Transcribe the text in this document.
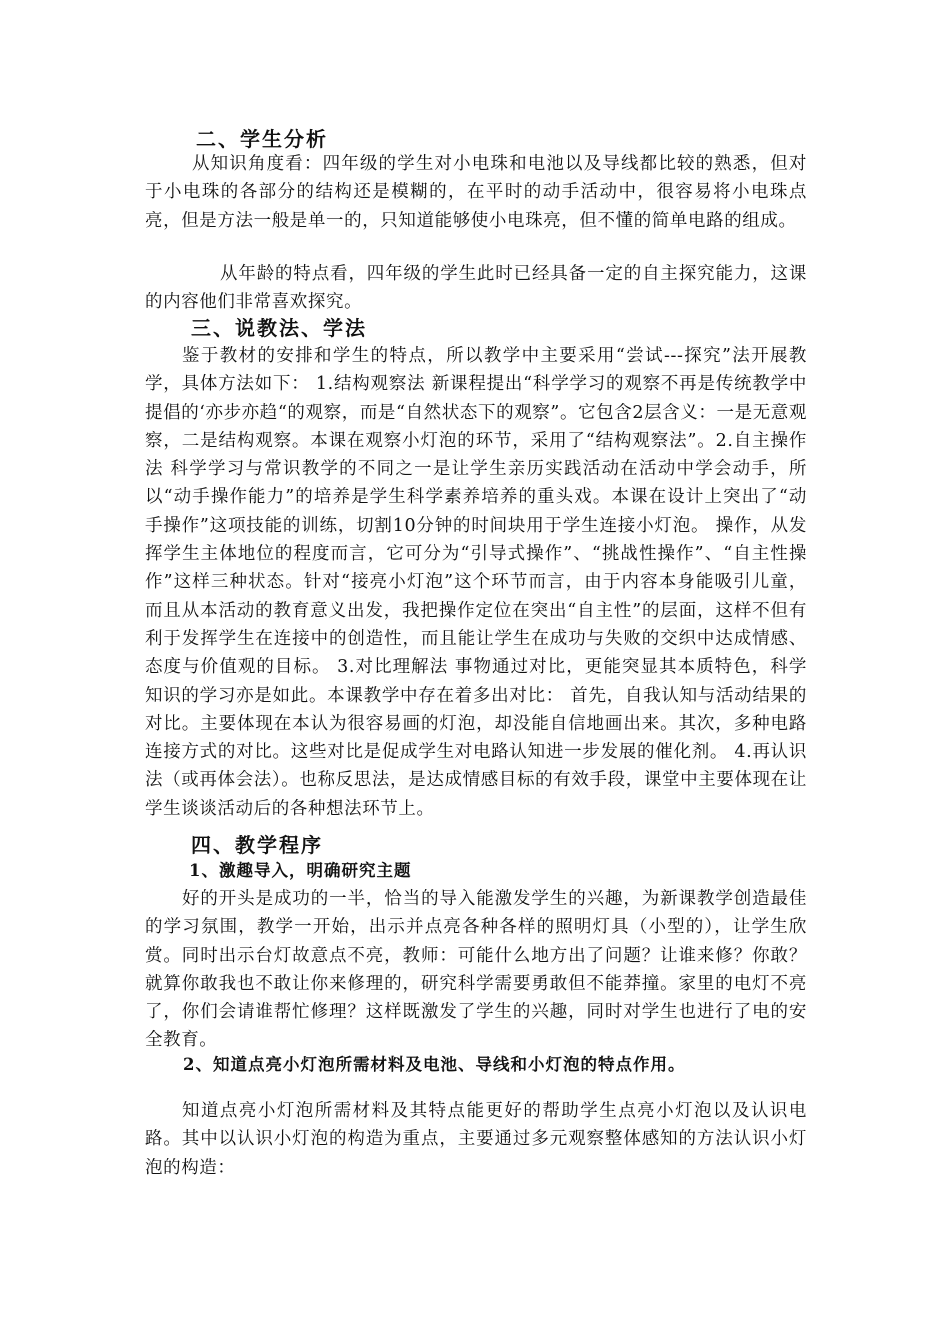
二、学生分析

从知识角度看：四年级的学生对小电珠和电池以及导线都比较的熟悉，但对于小电珠的各部分的结构还是模糊的，在平时的动手活动中，很容易将小电珠点亮，但是方法一般是单一的，只知道能够使小电珠亮，但不懂的简单电路的组成。

从年龄的特点看，四年级的学生此时已经具备一定的自主探究能力，这课的内容他们非常喜欢探究。

三、说教法、学法

鉴于教材的安排和学生的特点，所以教学中主要采用“尝试---探究”法开展教学，具体方法如下： 1.结构观察法 新课程提出“科学学习的观察不再是传统教学中提倡的‘亦步亦趋“的观察，而是“自然状态下的观察”。它包含2层含义：一是无意观察，二是结构观察。本课在观察小灯泡的环节，采用了“结构观察法”。2.自主操作法 科学学习与常识教学的不同之一是让学生亲历实践活动在活动中学会动手，所以“动手操作能力”的培养是学生科学素养培养的重头戏。本课在设计上突出了“动手操作”这项技能的训练，切割10分钟的时间块用于学生连接小灯泡。 操作，从发挥学生主体地位的程度而言，它可分为“引导式操作”、“挑战性操作”、“自主性操作”这样三种状态。针对“接亮小灯泡”这个环节而言，由于内容本身能吸引儿童，而且从本活动的教育意义出发，我把操作定位在突出“自主性”的层面，这样不但有利于发挥学生在连接中的创造性，而且能让学生在成功与失败的交织中达成情感、态度与价值观的目标。 3.对比理解法 事物通过对比，更能突显其本质特色，科学知识的学习亦是如此。本课教学中存在着多出对比： 首先，自我认知与活动结果的对比。主要体现在本认为很容易画的灯泡，却没能自信地画出来。其次，多种电路连接方式的对比。这些对比是促成学生对电路认知进一步发展的催化剂。 4.再认识法（或再体会法）。也称反思法，是达成情感目标的有效手段，课堂中主要体现在让学生谈谈活动后的各种想法环节上。

四、教学程序
1、激趣导入，明确研究主题

好的开头是成功的一半，恰当的导入能激发学生的兴趣，为新课教学创造最佳的学习氛围，教学一开始，出示并点亮各种各样的照明灯具（小型的），让学生欣赏。同时出示台灯故意点不亮，教师：可能什么地方出了问题？让谁来修？你敢？就算你敢我也不敢让你来修理的，研究科学需要勇敢但不能莽撞。家里的电灯不亮了，你们会请谁帮忙修理？这样既激发了学生的兴趣，同时对学生也进行了电的安全教育。

2、知道点亮小灯泡所需材料及电池、导线和小灯泡的特点作用。

知道点亮小灯泡所需材料及其特点能更好的帮助学生点亮小灯泡以及认识电路。其中以认识小灯泡的构造为重点，主要通过多元观察整体感知的方法认识小灯泡的构造：
